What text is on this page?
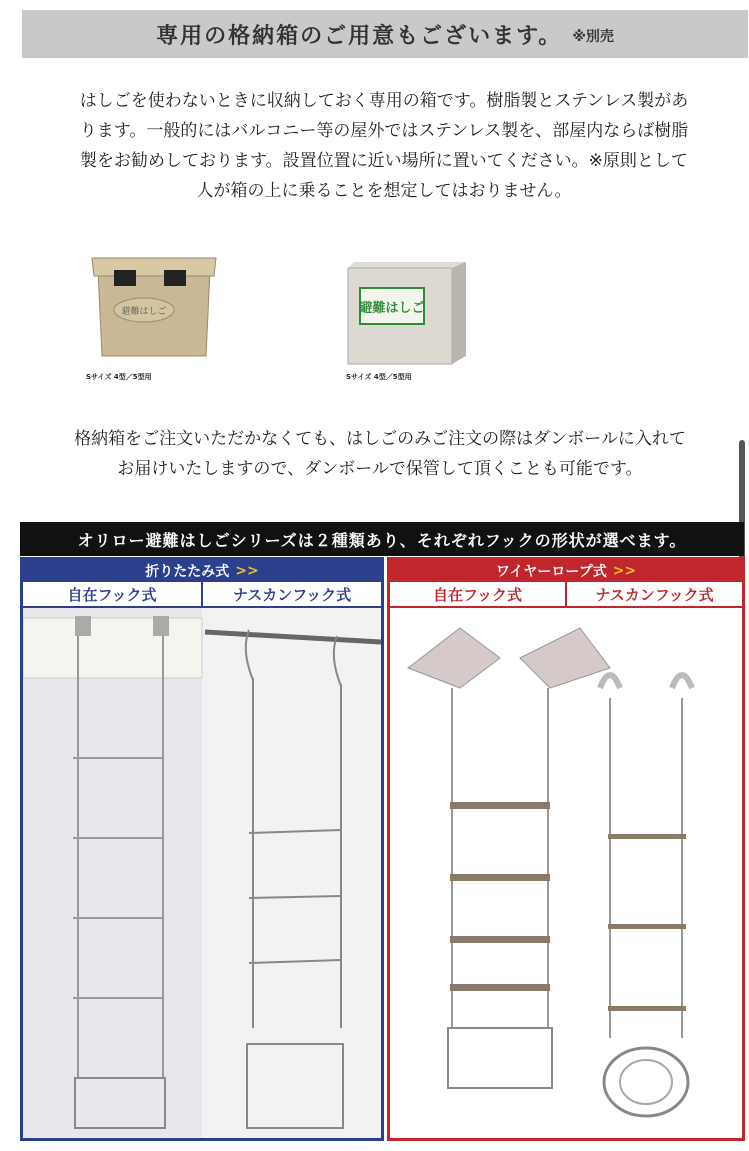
専用の格納箱のご用意もございます。 ※別売
はしごを使わないときに収納しておく専用の箱です。樹脂製とステンレス製があ
ります。一般的にはバルコニー等の屋外ではステンレス製を、部屋内ならば樹脂
製をお勧めしております。設置位置に近い場所に置いてください。※原則として
人が箱の上に乗ることを想定してはおりません。
避難はしご
Sサイズ 4型／5型用
避難はしご
Sサイズ 4型／5型用
格納箱をご注文いただかなくても、はしごのみご注文の際はダンボールに入れて
お届けいたしますので、ダンボールで保管して頂くことも可能です。
オリロー避難はしごシリーズは２種類あり、それぞれフックの形状が選べます。
折りたたみ式 >>
自在フック式	ナスカンフック式
ワイヤーロープ式 >>
自在フック式	ナスカンフック式
